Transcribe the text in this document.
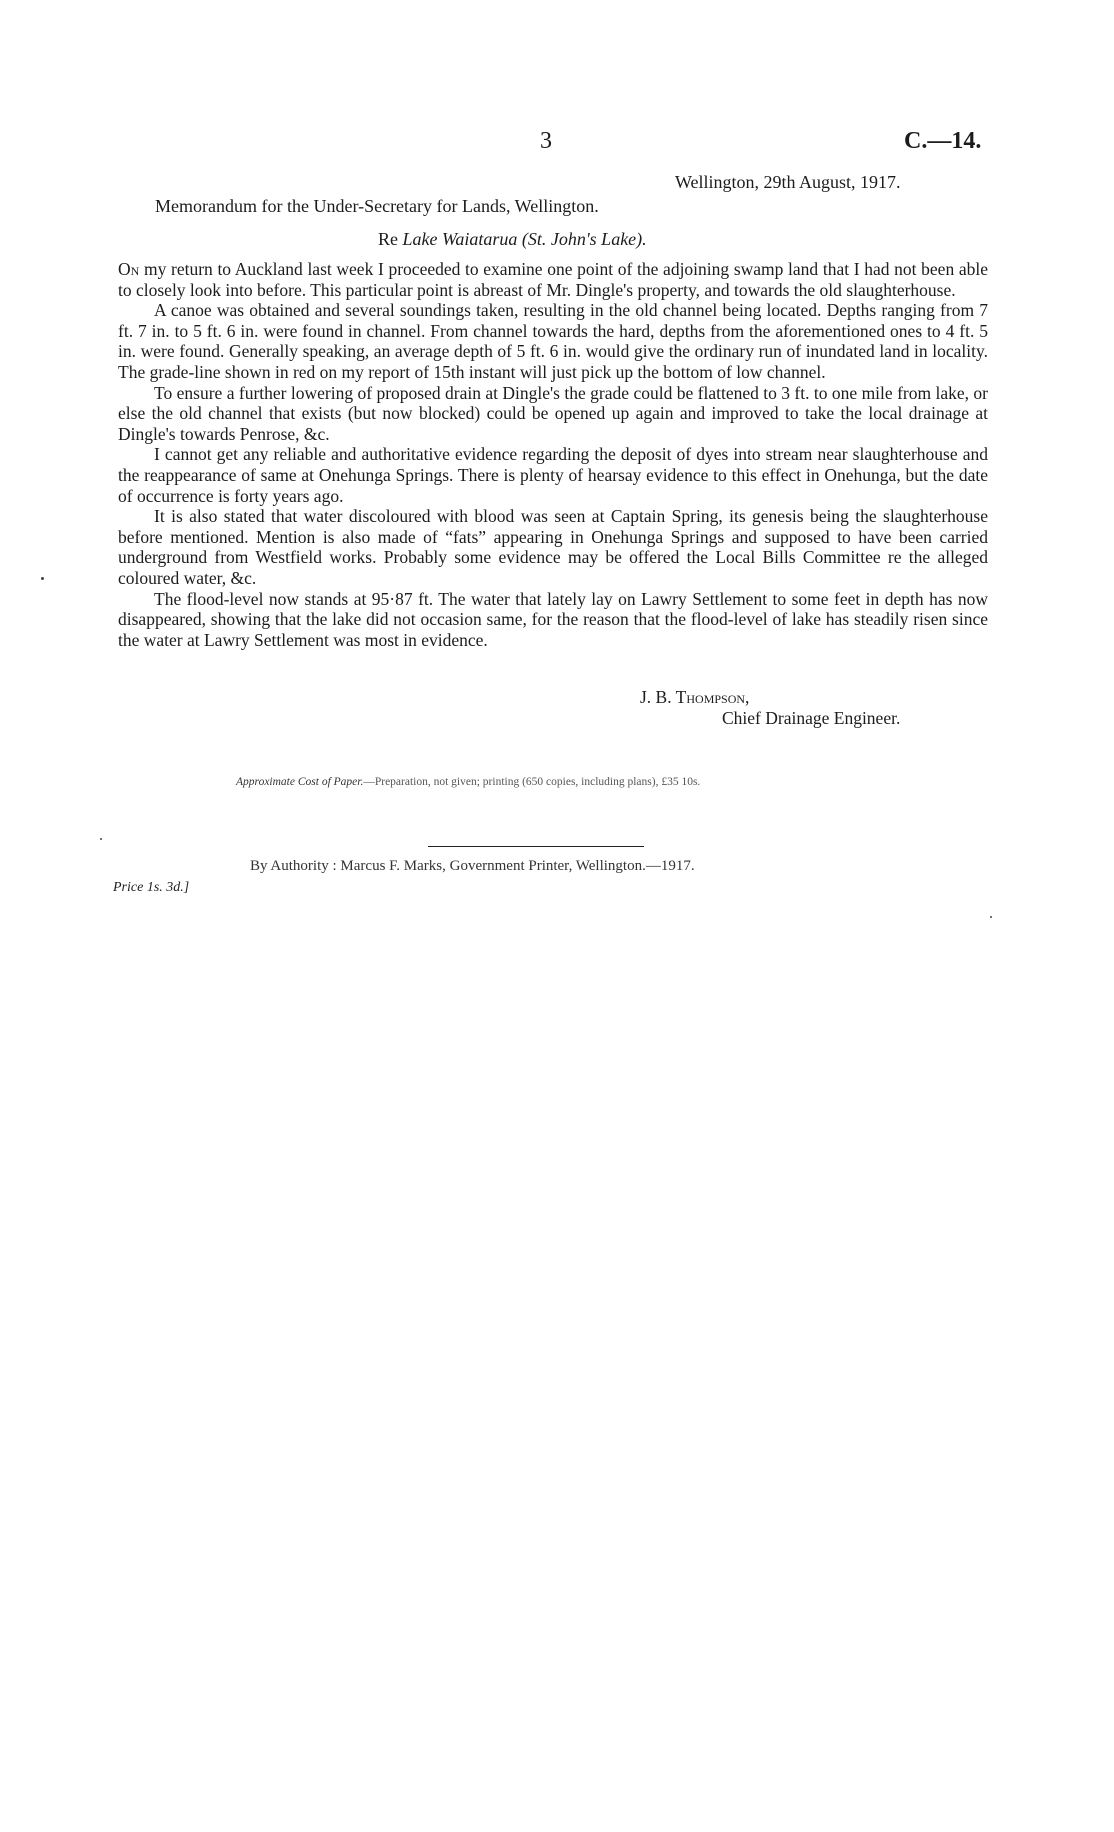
3	C.—14.
Wellington, 29th August, 1917.
Memorandum for the Under-Secretary for Lands, Wellington.
Re Lake Waiatarua (St. John's Lake).

On my return to Auckland last week I proceeded to examine one point of the adjoining swamp land that I had not been able to closely look into before. This particular point is abreast of Mr. Dingle's property, and towards the old slaughterhouse.

A canoe was obtained and several soundings taken, resulting in the old channel being located. Depths ranging from 7 ft. 7 in. to 5 ft. 6 in. were found in channel. From channel towards the hard, depths from the aforementioned ones to 4 ft. 5 in. were found. Generally speaking, an average depth of 5 ft. 6 in. would give the ordinary run of inundated land in locality. The grade-line shown in red on my report of 15th instant will just pick up the bottom of low channel.

To ensure a further lowering of proposed drain at Dingle's the grade could be flattened to 3 ft. to one mile from lake, or else the old channel that exists (but now blocked) could be opened up again and improved to take the local drainage at Dingle's towards Penrose, &c.

I cannot get any reliable and authoritative evidence regarding the deposit of dyes into stream near slaughterhouse and the reappearance of same at Onehunga Springs. There is plenty of hearsay evidence to this effect in Onehunga, but the date of occurrence is forty years ago.

It is also stated that water discoloured with blood was seen at Captain Spring, its genesis being the slaughterhouse before mentioned. Mention is also made of “fats” appearing in Onehunga Springs and supposed to have been carried underground from Westfield works. Probably some evidence may be offered the Local Bills Committee re the alleged coloured water, &c.

The flood-level now stands at 95·87 ft. The water that lately lay on Lawry Settlement to some feet in depth has now disappeared, showing that the lake did not occasion same, for the reason that the flood-level of lake has steadily risen since the water at Lawry Settlement was most in evidence.

J. B. Thompson,
Chief Drainage Engineer.
Approximate Cost of Paper.—Preparation, not given; printing (650 copies, including plans), £35 10s.
By Authority : Marcus F. Marks, Government Printer, Wellington.—1917.
Price 1s. 3d.]
